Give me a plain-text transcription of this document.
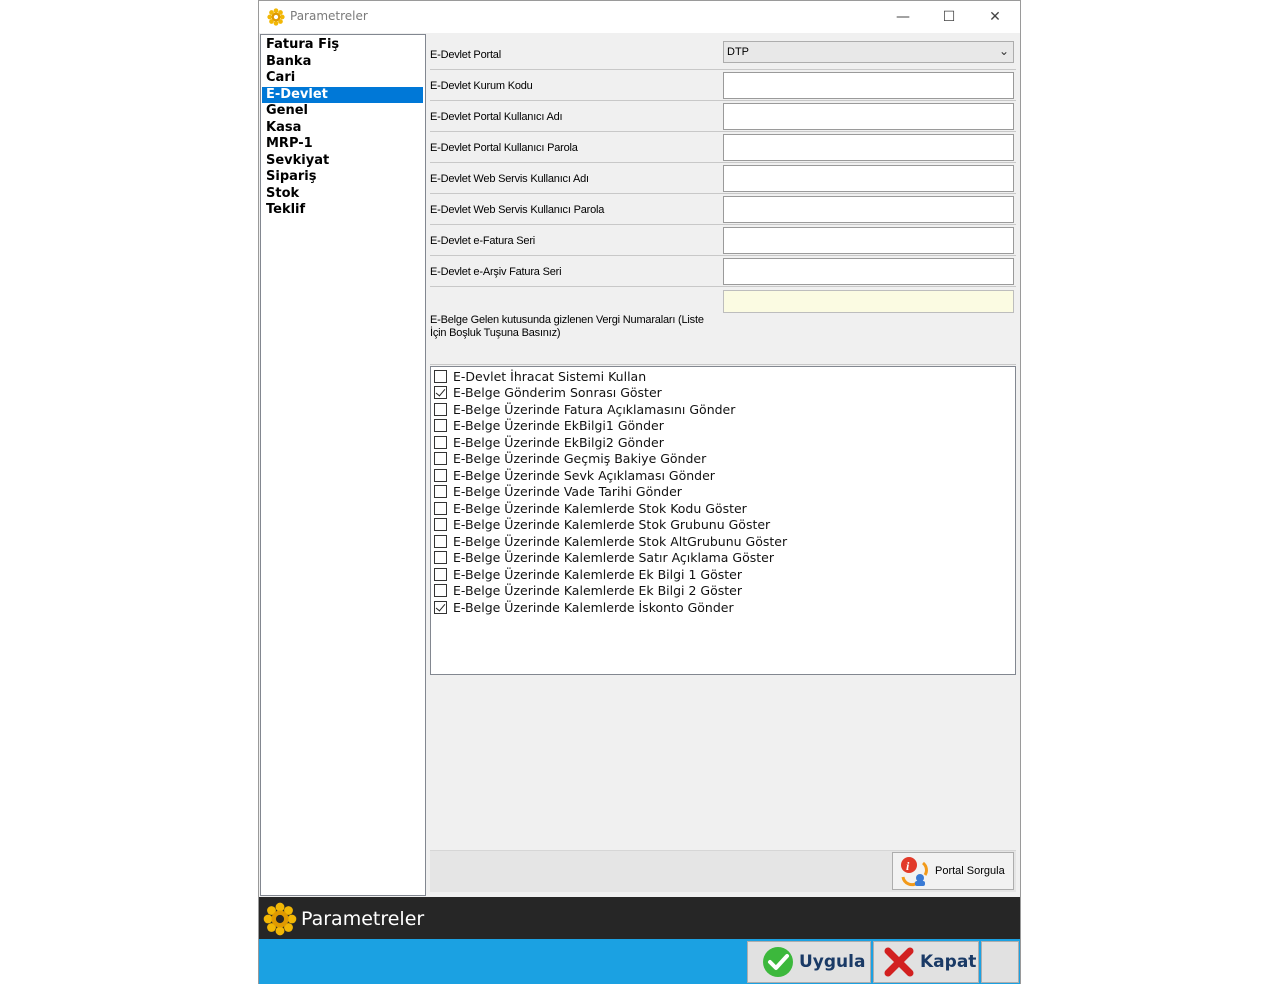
Parametreler	— ☐ ✕
Fatura Fiş
Banka
Cari
E-Devlet
Genel
Kasa
MRP-1
Sevkiyat
Sipariş
Stok
Teklif
E-Devlet Portal	DTP	⌄
E-Devlet Kurum Kodu
E-Devlet Portal Kullanıcı Adı
E-Devlet Portal Kullanıcı Parola
E-Devlet Web Servis Kullanıcı Adı
E-Devlet Web Servis Kullanıcı Parola
E-Devlet e-Fatura Seri
E-Devlet e-Arşiv Fatura Seri
E-Belge Gelen kutusunda gizlenen Vergi Numaraları (Liste İçin Boşluk Tuşuna Basınız)
E-Devlet İhracat Sistemi Kullan
E-Belge Gönderim Sonrası Göster
E-Belge Üzerinde Fatura Açıklamasını Gönder
E-Belge Üzerinde EkBilgi1 Gönder
E-Belge Üzerinde EkBilgi2 Gönder
E-Belge Üzerinde Geçmiş Bakiye Gönder
E-Belge Üzerinde Sevk Açıklaması Gönder
E-Belge Üzerinde Vade Tarihi Gönder
E-Belge Üzerinde Kalemlerde Stok Kodu Göster
E-Belge Üzerinde Kalemlerde Stok Grubunu Göster
E-Belge Üzerinde Kalemlerde Stok AltGrubunu Göster
E-Belge Üzerinde Kalemlerde Satır Açıklama Göster
E-Belge Üzerinde Kalemlerde Ek Bilgi 1 Göster
E-Belge Üzerinde Kalemlerde Ek Bilgi 2 Göster
E-Belge Üzerinde Kalemlerde İskonto Gönder
i Portal Sorgula
Parametreler
Uygula	Kapat
